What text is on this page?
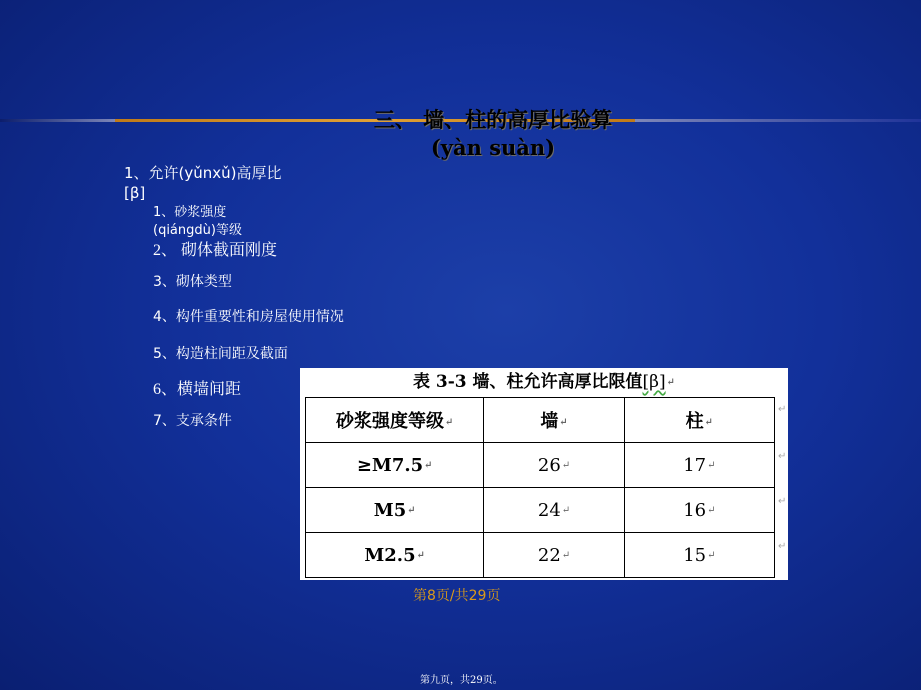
三、 墙、柱的高厚比验算
(yàn suàn)
1、允许(yǔnxǔ)高厚比
[β]
1、砂浆强度
(qiángdù)等级
2、 砌体截面刚度
3、砌体类型
4、构件重要性和房屋使用情况
5、构造柱间距及截面
6、横墙间距
7、支承条件
表 3-3 墙、柱允许高厚比限值[β]↵
砂浆强度等级↵	墙↵	柱↵
≥M7.5↵	26↵	17↵
M5↵	24↵	16↵
M2.5↵	22↵	15↵
↵
↵
↵
↵
第8页/共29页
第九页，共29页。
